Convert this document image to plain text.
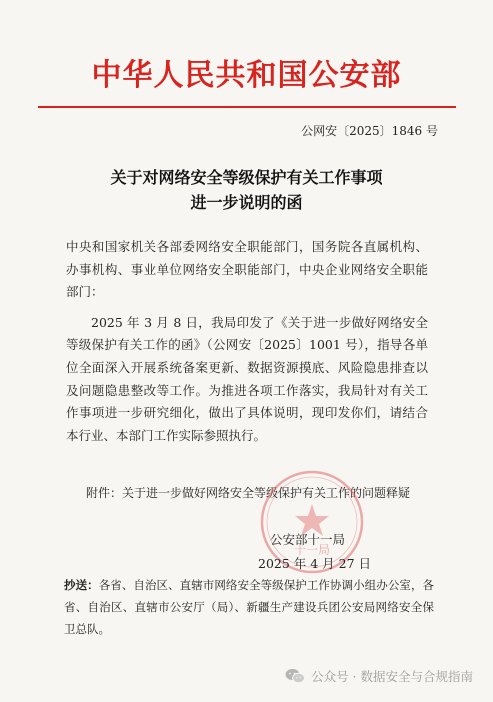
中华人民共和国公安部
公网安〔2025〕1846 号
关于对网络安全等级保护有关工作事项
进一步说明的函

中央和国家机关各部委网络安全职能部门，国务院各直属机构、办事机构、事业单位网络安全职能部门，中央企业网络安全职能部门：

2025 年 3 月 8 日，我局印发了《关于进一步做好网络安全等级保护有关工作的函》（公网安〔2025〕1001 号），指导各单位全面深入开展系统备案更新、数据资源摸底、风险隐患排查以及问题隐患整改等工作。为推进各项工作落实，我局针对有关工作事项进一步研究细化，做出了具体说明，现印发你们，请结合本行业、本部门工作实际参照执行。

附件：关于进一步做好网络安全等级保护有关工作的问题释疑
十一局
公安部十一局
2025 年 4 月 27 日
抄送：各省、自治区、直辖市网络安全等级保护工作协调小组办公室，各省、自治区、直辖市公安厅（局）、新疆生产建设兵团公安局网络安全保卫总队。
公众号 · 数据安全与合规指南
